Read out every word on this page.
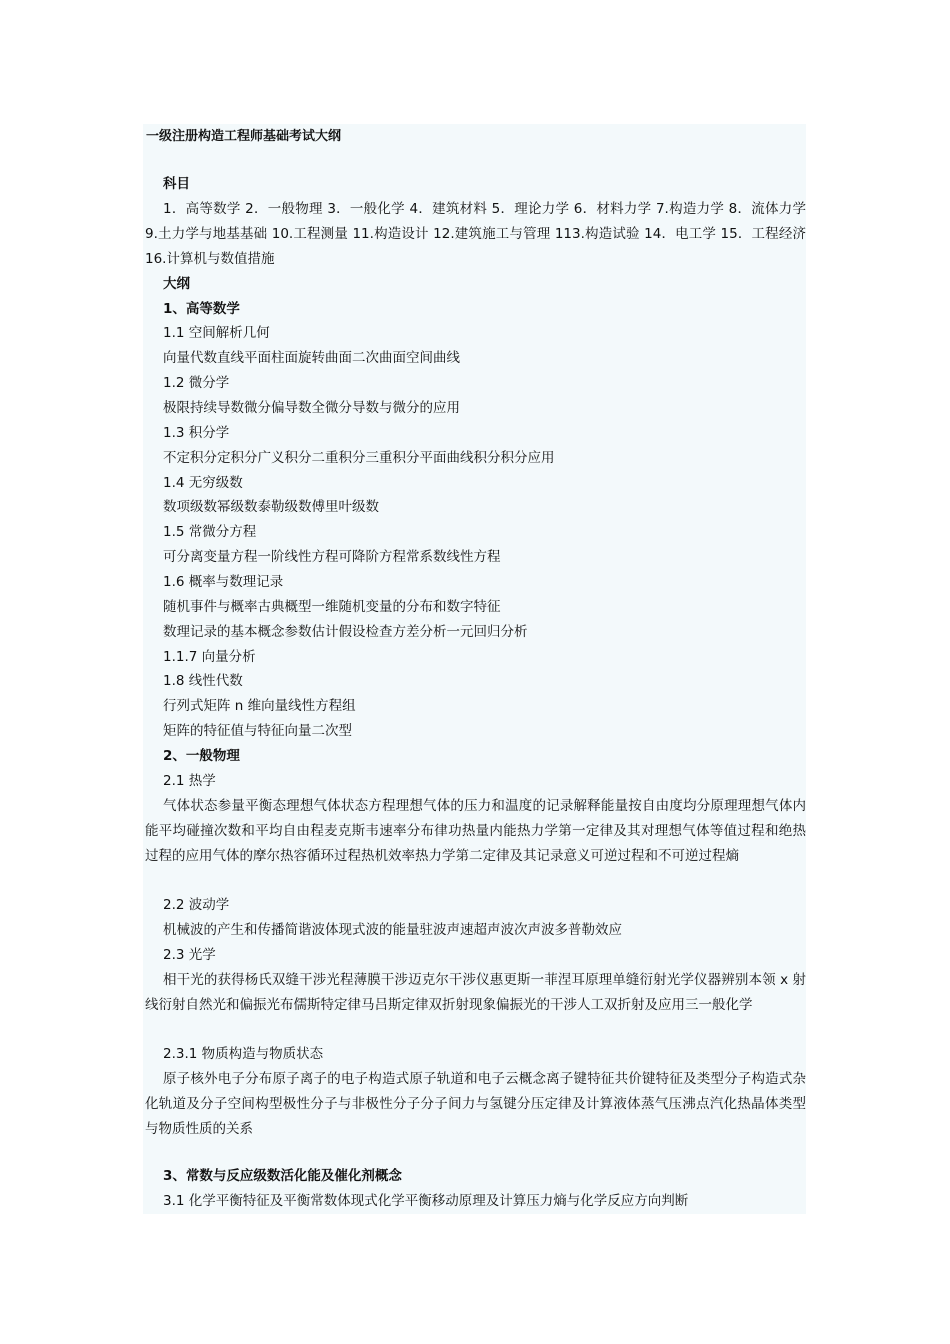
一级注册构造工程师基础考试大纲
科目
1．高等数学 2．一般物理 3．一般化学 4．建筑材料 5．理论力学 6．材料力学 7.构造力学 8．流体力学 9.土力学与地基基础 10.工程测量 11.构造设计 12.建筑施工与管理 113.构造试验 14．电工学 15．工程经济 16.计算机与数值措施
大纲
1、高等数学
1.1 空间解析几何
向量代数直线平面柱面旋转曲面二次曲面空间曲线
1.2 微分学
极限持续导数微分偏导数全微分导数与微分的应用
1.3 积分学
不定积分定积分广义积分二重积分三重积分平面曲线积分积分应用
1.4 无穷级数
数项级数幂级数泰勒级数傅里叶级数
1.5 常微分方程
可分离变量方程一阶线性方程可降阶方程常系数线性方程
1.6 概率与数理记录
随机事件与概率古典概型一维随机变量的分布和数字特征
数理记录的基本概念参数估计假设检查方差分析一元回归分析
1.1.7 向量分析
1.8 线性代数
行列式矩阵 n 维向量线性方程组
矩阵的特征值与特征向量二次型
2、一般物理
2.1 热学
气体状态参量平衡态理想气体状态方程理想气体的压力和温度的记录解释能量按自由度均分原理理想气体内能平均碰撞次数和平均自由程麦克斯韦速率分布律功热量内能热力学第一定律及其对理想气体等值过程和绝热过程的应用气体的摩尔热容循环过程热机效率热力学第二定律及其记录意义可逆过程和不可逆过程熵
2.2 波动学
机械波的产生和传播简谐波体现式波的能量驻波声速超声波次声波多普勒效应
2.3 光学
相干光的获得杨氏双缝干涉光程薄膜干涉迈克尔干涉仪惠更斯一菲涅耳原理单缝衍射光学仪器辨别本领 x 射线衍射自然光和偏振光布儒斯特定律马吕斯定律双折射现象偏振光的干涉人工双折射及应用三一般化学
2.3.1 物质构造与物质状态
原子核外电子分布原子离子的电子构造式原子轨道和电子云概念离子键特征共价键特征及类型分子构造式杂化轨道及分子空间构型极性分子与非极性分子分子间力与氢键分压定律及计算液体蒸气压沸点汽化热晶体类型与物质性质的关系
3、常数与反应级数活化能及催化剂概念
3.1 化学平衡特征及平衡常数体现式化学平衡移动原理及计算压力熵与化学反应方向判断
